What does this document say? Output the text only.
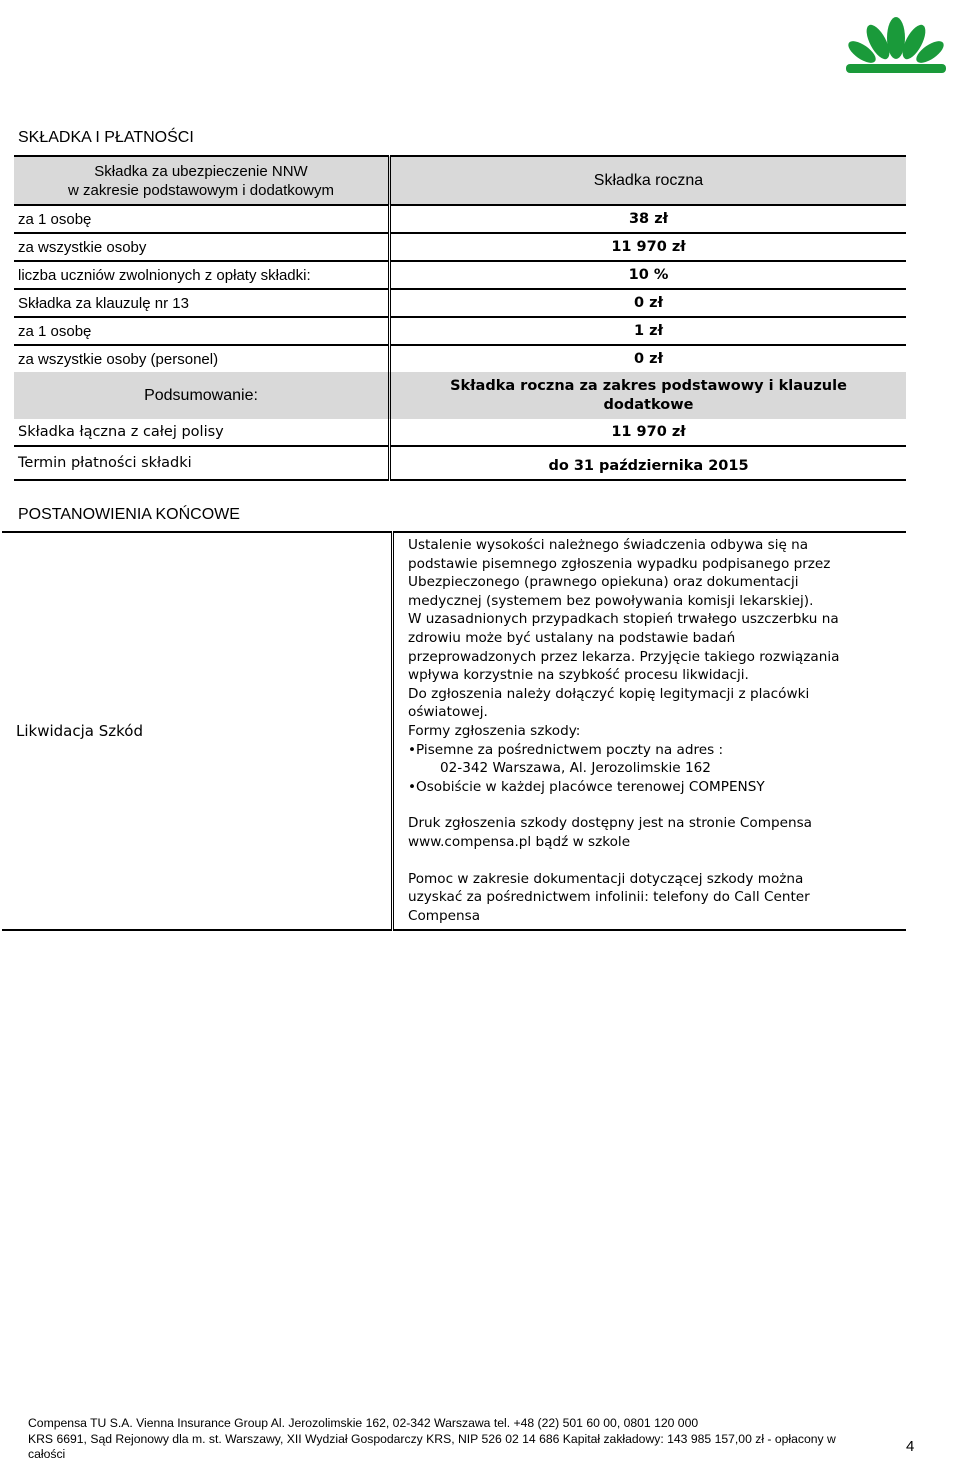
SKŁADKA I PŁATNOŚCI
Składka za ubezpieczenie NNW
w zakresie podstawowym i dodatkowym	Składka roczna
za 1 osobę	38 zł
za wszystkie osoby	11 970 zł
liczba uczniów zwolnionych z opłaty składki:	10 %
Składka za klauzulę nr 13	0 zł
za 1 osobę	1 zł
za wszystkie osoby (personel)	0 zł
Podsumowanie:	Składka roczna za zakres podstawowy i klauzule
dodatkowe

Składka łączna z całej polisy	11 970 zł
Termin płatności składki	do 31 października 2015
POSTANOWIENIA KOŃCOWE
Likwidacja Szkód	
Ustalenie wysokości należnego świadczenia odbywa się na
podstawie pisemnego zgłoszenia wypadku podpisanego przez
Ubezpieczonego (prawnego opiekuna) oraz dokumentacji
medycznej (systemem bez powoływania komisji lekarskiej).
W uzasadnionych przypadkach stopień trwałego uszczerbku na
zdrowiu może być ustalany na podstawie badań
przeprowadzonych przez lekarza. Przyjęcie takiego rozwiązania
wpływa korzystnie na szybkość procesu likwidacji.
Do zgłoszenia należy dołączyć kopię legitymacji z placówki
oświatowej.
Formy zgłoszenia szkody:
•Pisemne za pośrednictwem poczty na adres :
02-342 Warszawa, Al. Jerozolimskie 162
•Osobiście w każdej placówce terenowej COMPENSY
Druk zgłoszenia szkody dostępny jest na stronie Compensa
www.compensa.pl bądź w szkole
Pomoc w zakresie dokumentacji dotyczącej szkody można
uzyskać za pośrednictwem infolinii: telefony do Call Center
Compensa
Compensa TU S.A. Vienna Insurance Group Al. Jerozolimskie 162, 02-342 Warszawa tel. +48 (22) 501 60 00, 0801 120 000
KRS 6691, Sąd Rejonowy dla m. st. Warszawy, XII Wydział Gospodarczy KRS, NIP 526 02 14 686 Kapitał zakładowy: 143 985 157,00 zł - opłacony w
całości	4
